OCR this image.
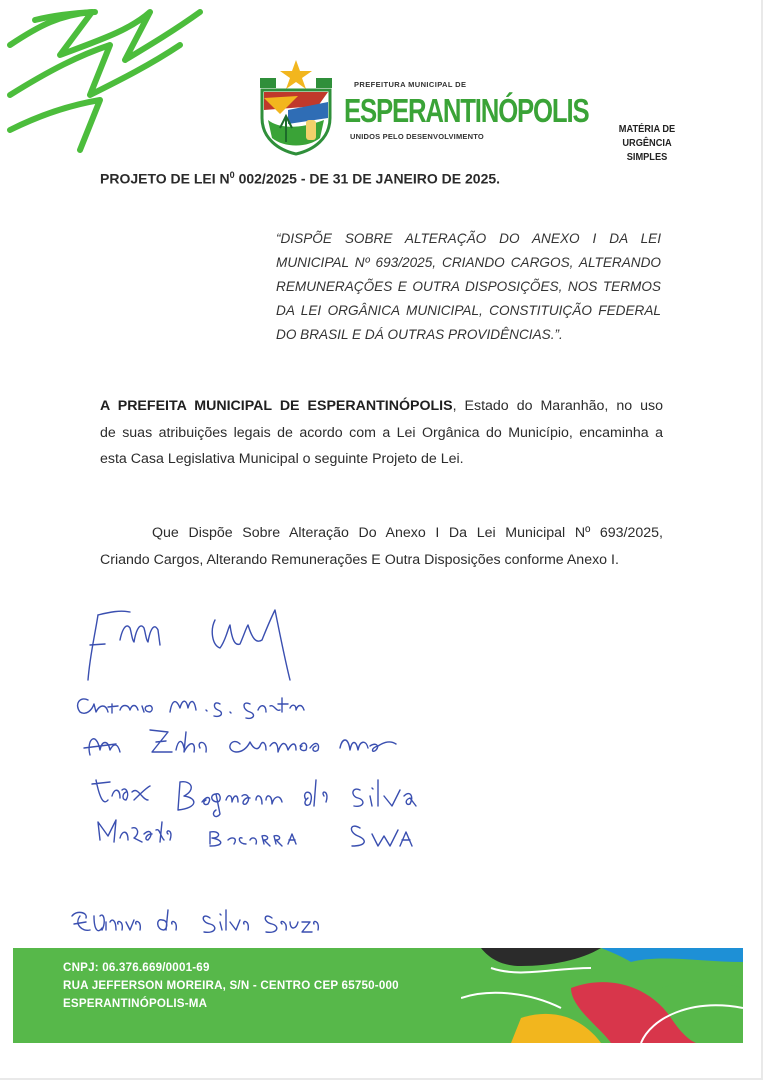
PREFEITURA MUNICIPAL DE
ESPERANTINÓPOLIS
UNIDOS PELO DESENVOLVIMENTO
MATÉRIA DE URGÊNCIA
SIMPLES
PROJETO DE LEI $N^0$ 002/2025 - DE 31 DE JANEIRO DE 2025.
“DISPÕE SOBRE ALTERAÇÃO DO ANEXO I DA LEI
MUNICIPAL Nº 693/2025, CRIANDO CARGOS, ALTERANDO
REMUNERAÇÕES E OUTRA DISPOSIÇÕES, NOS TERMOS
DA LEI ORGÂNICA MUNICIPAL, CONSTITUIÇÃO FEDERAL
DO BRASIL E DÁ OUTRAS PROVIDÊNCIAS.”.
A PREFEITA MUNICIPAL DE ESPERANTINÓPOLIS, Estado do Maranhão, no uso
de suas atribuições legais de acordo com a Lei Orgânica do Município, encaminha a
esta Casa Legislativa Municipal o seguinte Projeto de Lei.
Que Dispõe Sobre Alteração Do Anexo I Da Lei Municipal Nº 693/2025,
Criando Cargos, Alterando Remunerações E Outra Disposições conforme Anexo I.
CNPJ: 06.376.669/0001-69
RUA JEFFERSON MOREIRA, S/N - CENTRO CEP 65750-000
ESPERANTINÓPOLIS-MA
